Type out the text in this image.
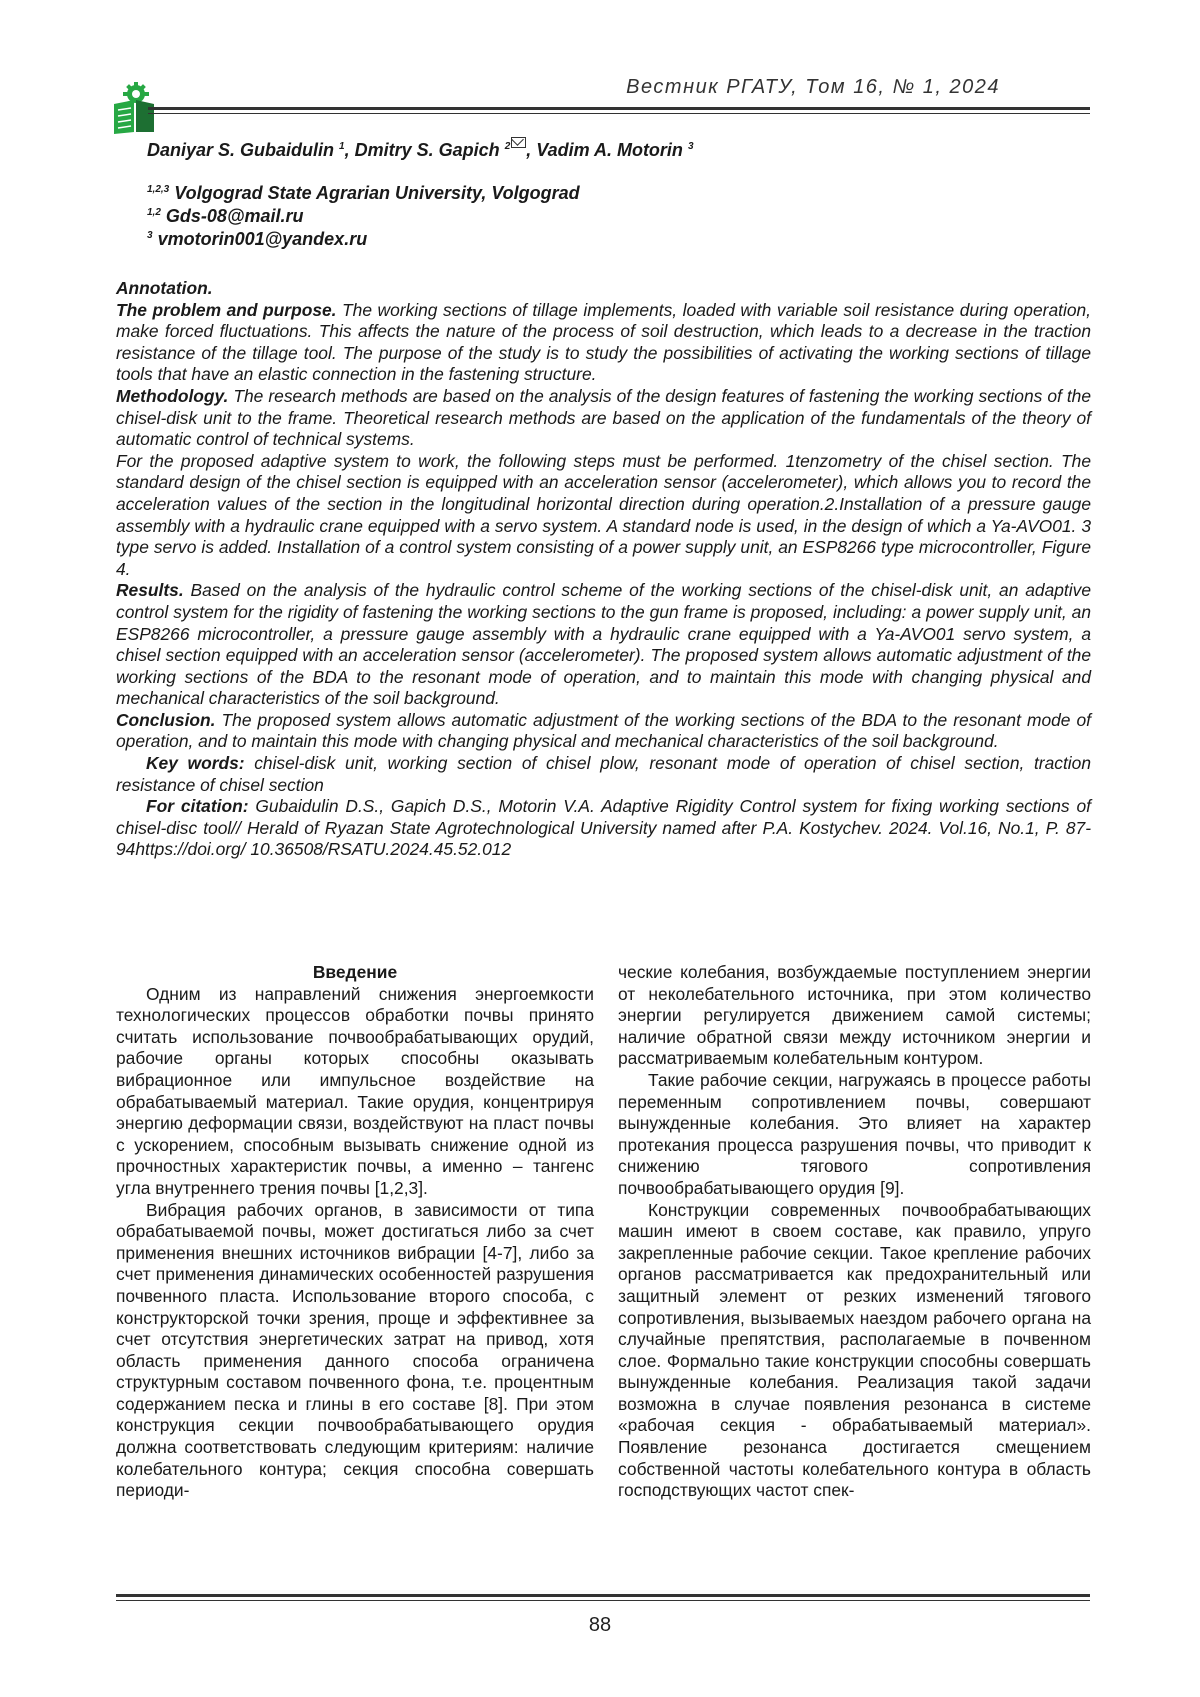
Вестник РГАТУ, Том 16, № 1, 2024
Daniyar S. Gubaidulin $^1$, Dmitry S. Gapich $^2$ , Vadim A. Motorin $^3$
$^{1,2,3}$ Volgograd State Agrarian University, Volgograd
$^{1,2}$ Gds-08@mail.ru
$^3$ vmotorin001@yandex.ru

Annotation.

The problem and purpose. The working sections of tillage implements, loaded with variable soil resistance during operation, make forced fluctuations. This affects the nature of the process of soil destruction, which leads to a decrease in the traction resistance of the tillage tool. The purpose of the study is to study the possibilities of activating the working sections of tillage tools that have an elastic connection in the fastening structure.

Methodology. The research methods are based on the analysis of the design features of fastening the working sections of the chisel-disk unit to the frame. Theoretical research methods are based on the application of the fundamentals of the theory of automatic control of technical systems.

For the proposed adaptive system to work, the following steps must be performed. 1tenzometry of the chisel section. The standard design of the chisel section is equipped with an acceleration sensor (accelerometer), which allows you to record the acceleration values of the section in the longitudinal horizontal direction during operation.2.Installation of a pressure gauge assembly with a hydraulic crane equipped with a servo system. A standard node is used, in the design of which a Ya-AVO01. 3 type servo is added. Installation of a control system consisting of a power supply unit, an ESP8266 type microcontroller, Figure 4.

Results. Based on the analysis of the hydraulic control scheme of the working sections of the chisel-disk unit, an adaptive control system for the rigidity of fastening the working sections to the gun frame is proposed, including: a power supply unit, an ESP8266 microcontroller, a pressure gauge assembly with a hydraulic crane equipped with a Ya-AVO01 servo system, a chisel section equipped with an acceleration sensor (accelerometer). The proposed system allows automatic adjustment of the working sections of the BDA to the resonant mode of operation, and to maintain this mode with changing physical and mechanical characteristics of the soil background.

Conclusion. The proposed system allows automatic adjustment of the working sections of the BDA to the resonant mode of operation, and to maintain this mode with changing physical and mechanical characteristics of the soil background.

Key words: chisel-disk unit, working section of chisel plow, resonant mode of operation of chisel section, traction resistance of chisel section

For citation: Gubaidulin D.S., Gapich D.S., Motorin V.A. Adaptive Rigidity Control system for fixing working sections of chisel-disc tool// Herald of Ryazan State Agrotechnological University named after P.A. Kostychev. 2024. Vol.16, No.1, P. 87-94https://doi.org/ 10.36508/RSATU.2024.45.52.012

Введение

Одним из направлений снижения энергоемкости технологических процессов обработки почвы принято считать использование почвообрабатывающих орудий, рабочие органы которых способны оказывать вибрационное или импульсное воздействие на обрабатываемый материал. Такие орудия, концентрируя энергию деформации связи, воздействуют на пласт почвы с ускорением, способным вызывать снижение одной из прочностных характеристик почвы, а именно – тангенс угла внутреннего трения почвы [1,2,3].

Вибрация рабочих органов, в зависимости от типа обрабатываемой почвы, может достигаться либо за счет применения внешних источников вибрации [4-7], либо за счет применения динамических особенностей разрушения почвенного пласта. Использование второго способа, с конструкторской точки зрения, проще и эффективнее за счет отсутствия энергетических затрат на привод, хотя область применения данного способа ограничена структурным составом почвенного фона, т.е. процентным содержанием песка и глины в его составе [8]. При этом конструкция секции почвообрабатывающего орудия должна соответствовать следующим критериям: наличие колебательного контура; секция способна совершать периоди-

ческие колебания, возбуждаемые поступлением энергии от неколебательного источника, при этом количество энергии регулируется движением самой системы; наличие обратной связи между источником энергии и рассматриваемым колебательным контуром.

Такие рабочие секции, нагружаясь в процессе работы переменным сопротивлением почвы, совершают вынужденные колебания. Это влияет на характер протекания процесса разрушения почвы, что приводит к снижению тягового сопротивления почвообрабатывающего орудия [9].

Конструкции современных почвообрабатывающих машин имеют в своем составе, как правило, упруго закрепленные рабочие секции. Такое крепление рабочих органов рассматривается как предохранительный или защитный элемент от резких изменений тягового сопротивления, вызываемых наездом рабочего органа на случайные препятствия, располагаемые в почвенном слое. Формально такие конструкции способны совершать вынужденные колебания. Реализация такой задачи возможна в случае появления резонанса в системе «рабочая секция - обрабатываемый материал». Появление резонанса достигается смещением собственной частоты колебательного контура в область господствующих частот спек-

88
